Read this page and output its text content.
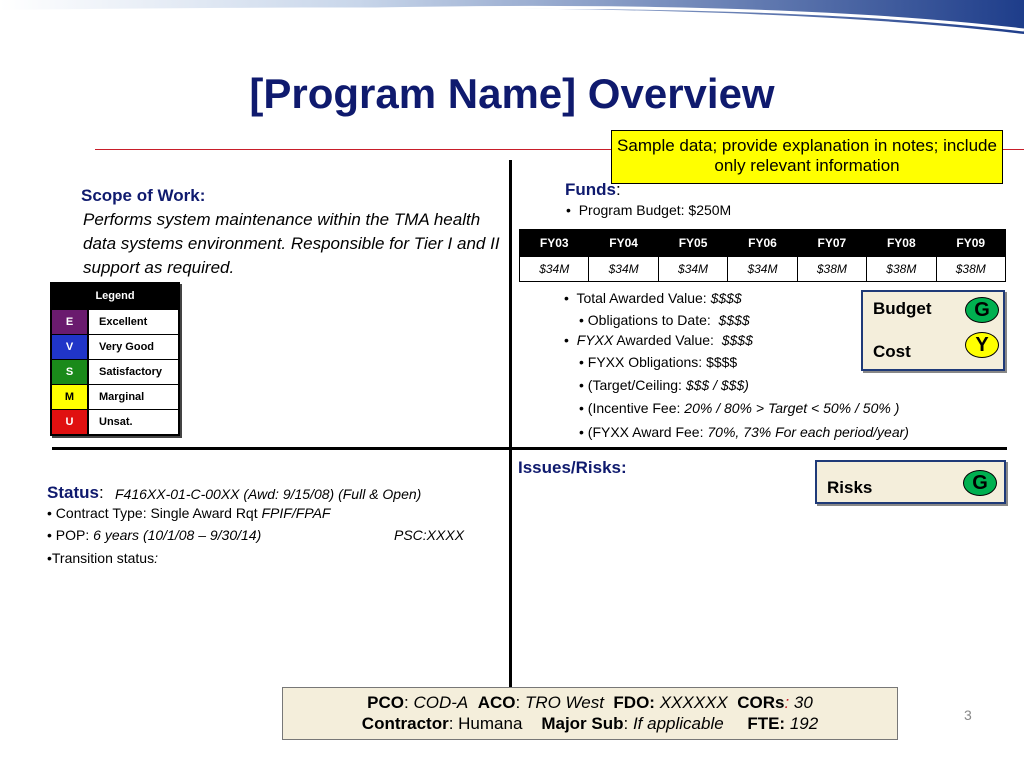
[Program Name] Overview
Sample data; provide explanation in notes; include only relevant information
Scope of Work:
Performs system maintenance within the TMA health data systems environment. Responsible for Tier I and II support as required.
Legend
E	Excellent
V	Very Good
S	Satisfactory
M	Marginal
U	Unsat.
Funds:
•  Program Budget: $250M
FY03	FY04	FY05	FY06	FY07	FY08	FY09
$34M	$34M	$34M	$34M	$38M	$38M	$38M
•  Total Awarded Value: $$$$
• Obligations to Date: $$$$
•  FYXX Awarded Value: $$$$
• FYXX Obligations: $$$$
• (Target/Ceiling: $$$ / $$$)
• (Incentive Fee: 20% / 80% > Target < 50% / 50% )
• (FYXX Award Fee: 70%, 73% For each period/year)
Budget	G
Cost	Y
Issues/Risks:
Risks	G
Status: F416XX-01-C-00XX (Awd: 9/15/08) (Full & Open)
• Contract Type: Single Award Rqt FPIF/FPAF
• POP: 6 years (10/1/08 – 9/30/14)	PSC:XXXX
•Transition status:
PCO: COD-A ACO: TRO West FDO: XXXXXX CORs: 30
Contractor: Humana Major Sub: If applicable FTE: 192	3
